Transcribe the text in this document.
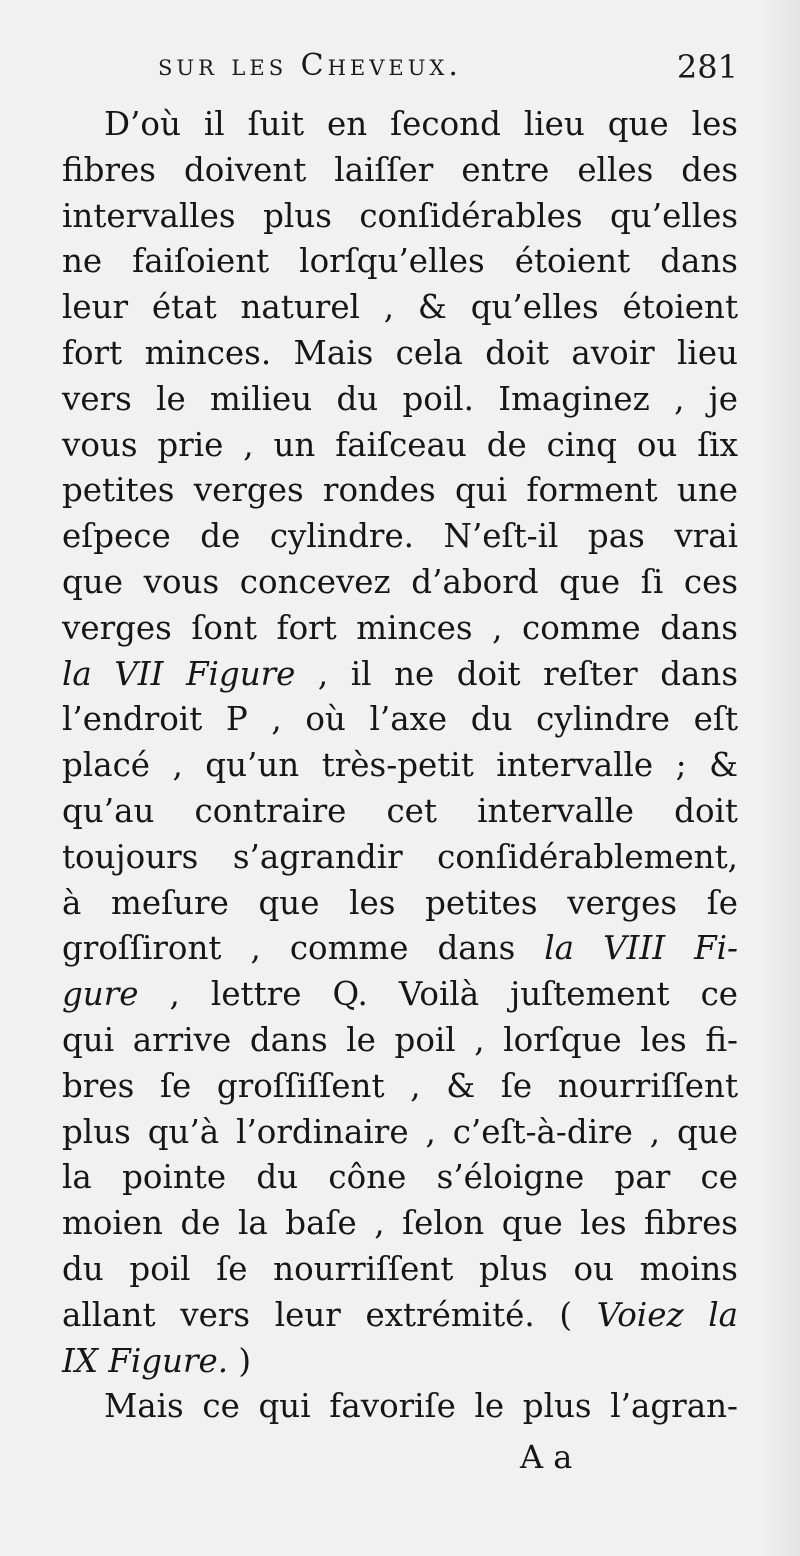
sur les Cheveux.	281
D’où il ſuit en ſecond lieu que les
fibres doivent laiſſer entre elles des
intervalles plus conſidérables qu’elles
ne faiſoient lorſqu’elles étoient dans
leur état naturel , & qu’elles étoient
fort minces. Mais cela doit avoir lieu
vers le milieu du poil. Imaginez , je
vous prie , un faiſceau de cinq ou ſix
petites verges rondes qui forment une
eſpece de cylindre. N’eſt-il pas vrai
que vous concevez d’abord que ſi ces
verges ſont fort minces , comme dans
la VII Figure , il ne doit reſter dans
l’endroit P , où l’axe du cylindre eſt
placé , qu’un très-petit intervalle ; &
qu’au contraire cet intervalle doit
toujours s’agrandir conſidérablement,
à meſure que les petites verges ſe
groſſiront , comme dans la VIII Fi-
gure , lettre Q. Voilà juſtement ce
qui arrive dans le poil , lorſque les fi-
bres ſe groſſiſſent , & ſe nourriſſent
plus qu’à l’ordinaire , c’eſt-à-dire , que
la pointe du cône s’éloigne par ce
moien de la baſe , ſelon que les fibres
du poil ſe nourriſſent plus ou moins
allant vers leur extrémité. ( Voiez la
IX Figure. )
Mais ce qui favoriſe le plus l’agran-
A a
